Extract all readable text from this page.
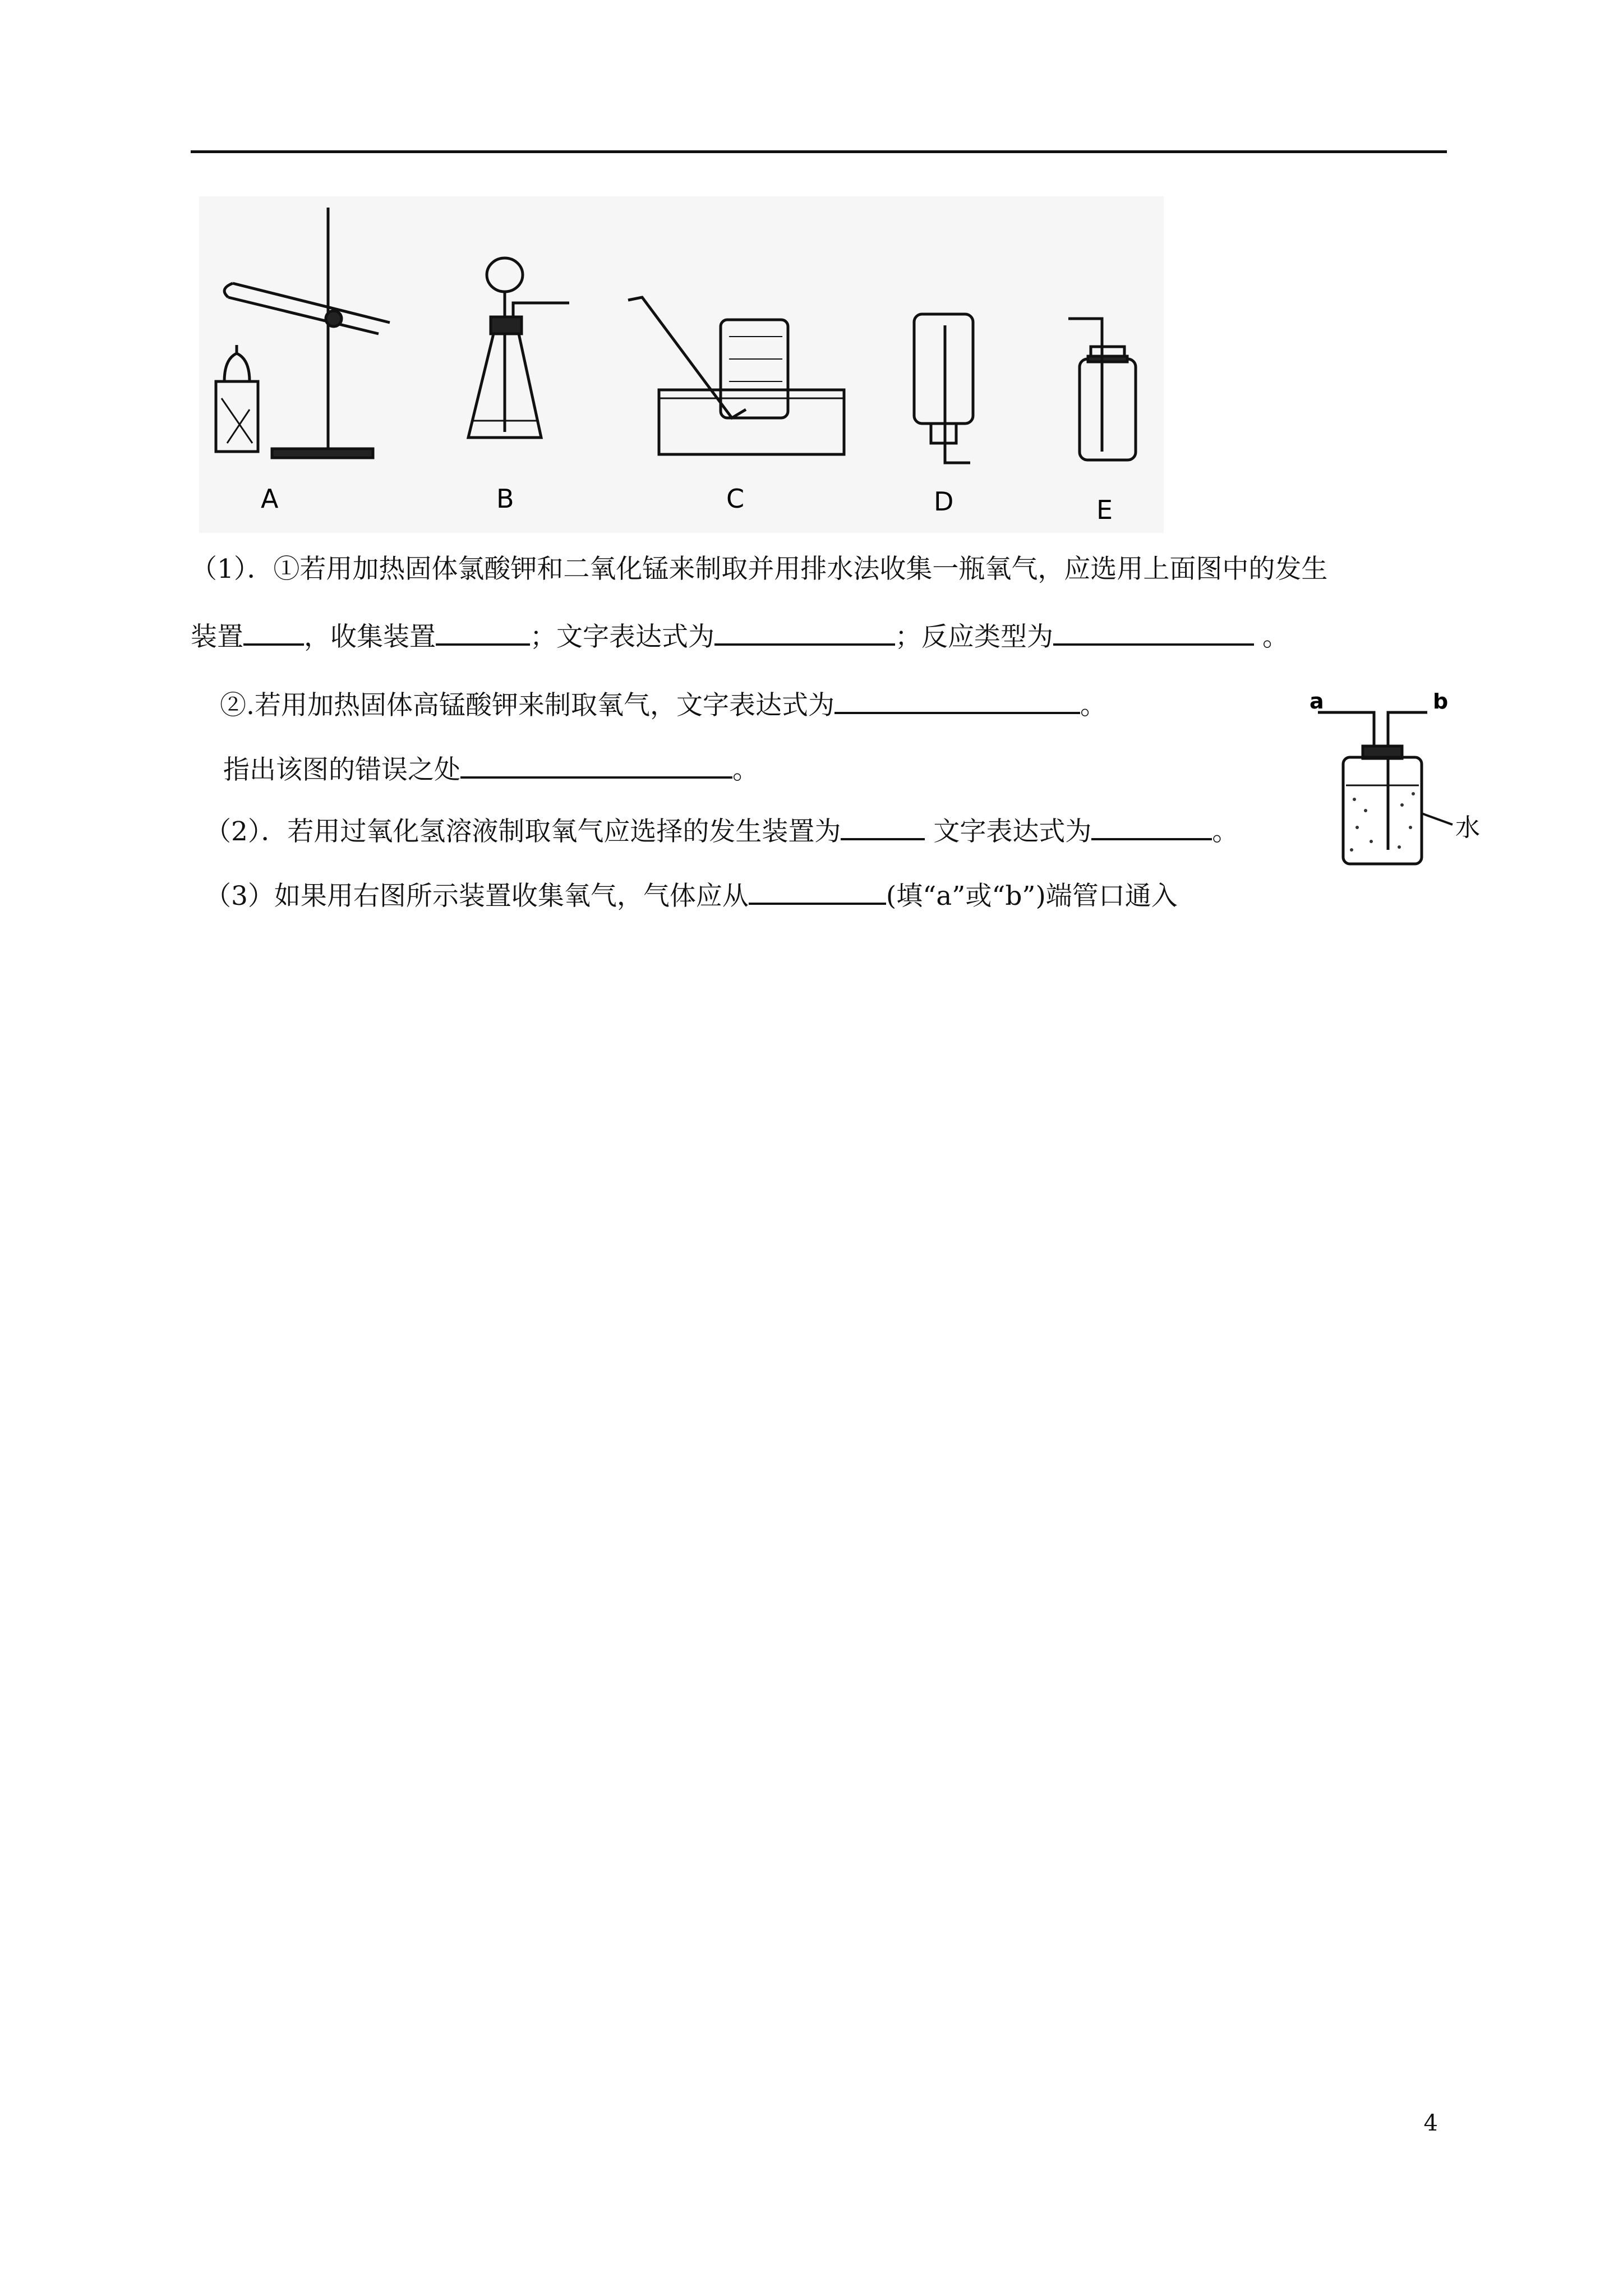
A	B	C	D	E
（1）．①若用加热固体氯酸钾和二氧化锰来制取并用排水法收集一瓶氧气，应选用上面图中的发生
装置 ，收集装置	；文字表达式为	；反应类型为	。
②.若用加热固体高锰酸钾来制取氧气，文字表达式为	。
指出该图的错误之处	。
（2）．若用过氧化氢溶液制取氧气应选择的发生装置为	文字表达式为	。
（3）如果用右图所示装置收集氧气，气体应从	(填“a”或“b”)端管口通入
a	b
水
4
